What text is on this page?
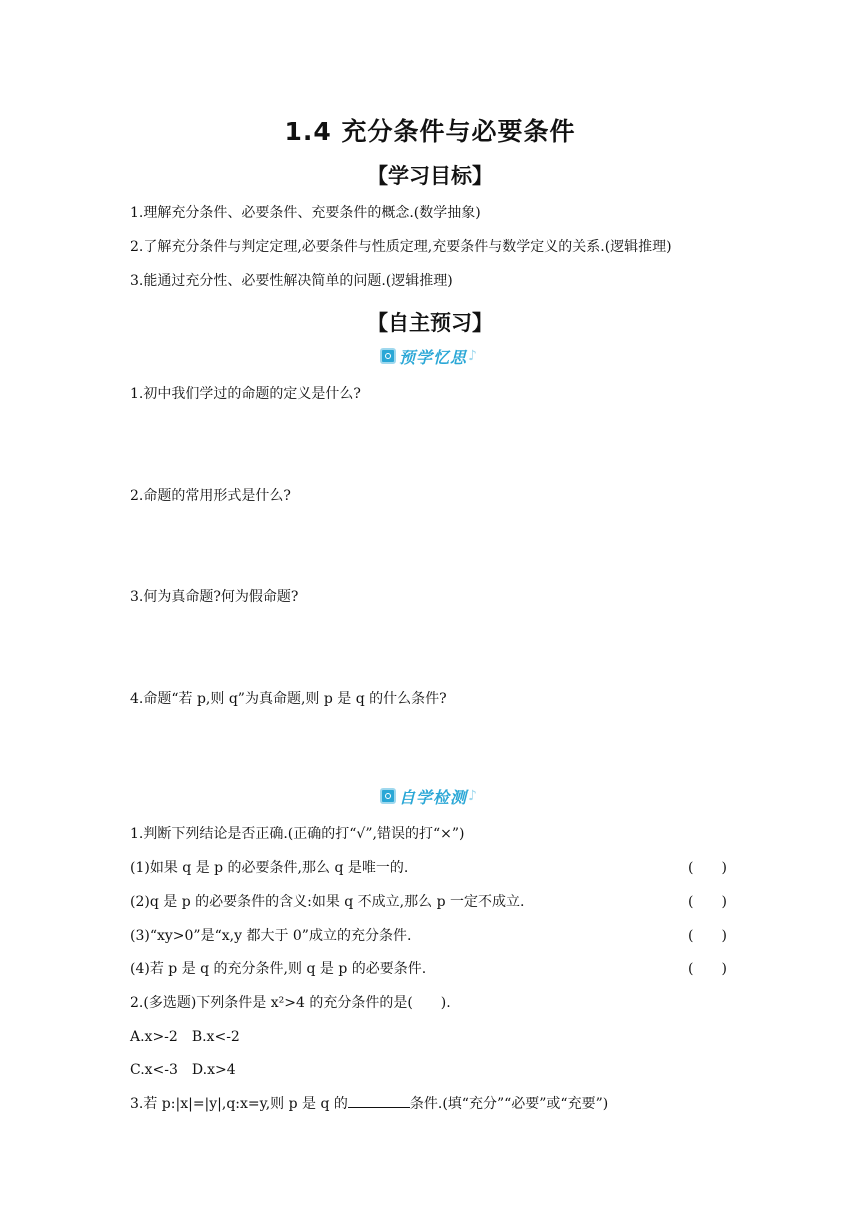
1.4 充分条件与必要条件
【学习目标】
1.理解充分条件、必要条件、充要条件的概念.(数学抽象)
2.了解充分条件与判定定理,必要条件与性质定理,充要条件与数学定义的关系.(逻辑推理)
3.能通过充分性、必要性解决简单的问题.(逻辑推理)
【自主预习】
预学忆思 ♪
1.初中我们学过的命题的定义是什么?
2.命题的常用形式是什么?
3.何为真命题?何为假命题?
4.命题“若 p,则 q”为真命题,则 p 是 q 的什么条件?
自学检测 ♪
1.判断下列结论是否正确.(正确的打“√”,错误的打“×”)
(1)如果 q 是 p 的必要条件,那么 q 是唯一的.	(　　)
(2)q 是 p 的必要条件的含义:如果 q 不成立,那么 p 一定不成立.	(　　)
(3)“xy>0”是“x,y 都大于 0”成立的充分条件.	(　　)
(4)若 p 是 q 的充分条件,则 q 是 p 的必要条件.	(　　)
2.(多选题)下列条件是 x²>4 的充分条件的是(　　).
A.x>-2　B.x<-2
C.x<-3　D.x>4
3.若 p:|x|=|y|,q:x=y,则 p 是 q 的	条件.(填“充分”“必要”或“充要”)
